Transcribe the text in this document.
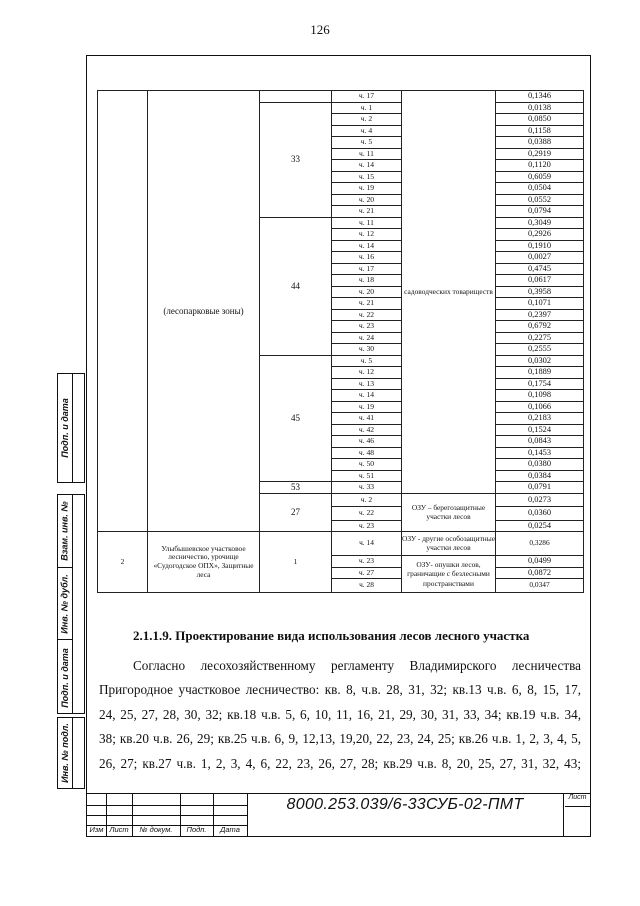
126
Подп. и дата
Взам. инв. №
Инв. № дубл.
Подп. и дата
Инв. № подл.
	(лесопарковые зоны)		ч. 17	садоводческих товариществ	0,1346
		33	ч. 1		0,0138
			ч. 2		0,0850
			ч. 4		0,1158
			ч. 5		0,0388
			ч. 11		0,2919
			ч. 14		0,1120
			ч. 15		0,6059
			ч. 19		0,0504
			ч. 20		0,0552
			ч. 21		0,0794
		44	ч. 11		0,3049
			ч. 12		0,2926
			ч. 14		0,1910
			ч. 16		0,0027
			ч. 17		0,4745
			ч. 18		0,0617
			ч. 20		0,3958
			ч. 21		0,1071
			ч. 22		0,2397
			ч. 23		0,6792
			ч. 24		0,2275
			ч. 30		0,2555
		45	ч. 5		0,0302
			ч. 12		0,1889
			ч. 13		0,1754
			ч. 14		0,1098
			ч. 19		0,1066
			ч. 41		0,2183
			ч. 42		0,1524
			ч. 46		0,0843
			ч. 48		0,1453
			ч. 50		0,0380
			ч. 51		0,0384
		53	ч. 33		0,0791
		27	ч. 2	ОЗУ – берегозащитные участки лесов	0,0273
			ч. 22		0,0360
			ч. 23		0,0254
2	Улыбышевское участковое лесничество, урочище «Судогодское ОПХ», Защитные леса	1	ч. 14	ОЗУ - другие особозащитные участки лесов	0,3286
			ч. 23	ОЗУ- опушки лесов, граничащие с безлесными пространствами	0,0499
			ч. 27		0,0872
			ч. 28		0,0347
2.1.1.9. Проектирование вида использования лесов лесного участка
Согласно лесохозяйственному регламенту Владимирского лесничества
Пригородное участковое лесничество: кв. 8, ч.в. 28, 31, 32; кв.13 ч.в. 6, 8, 15, 17,
24, 25, 27, 28, 30, 32; кв.18 ч.в. 5, 6, 10, 11, 16, 21, 29, 30, 31, 33, 34; кв.19 ч.в. 34,
38; кв.20 ч.в. 26, 29; кв.25 ч.в. 6, 9, 12,13, 19,20, 22, 23, 24, 25; кв.26 ч.в. 1, 2, 3, 4, 5,
26, 27; кв.27 ч.в. 1, 2, 3, 4, 6, 22, 23, 26, 27, 28; кв.29 ч.в. 8, 20, 25, 27, 31, 32, 43;
Изм Лист	№ докум.	Подп.	Дата
8000.253.039/6-33СУБ-02-ПМТ	Лист
